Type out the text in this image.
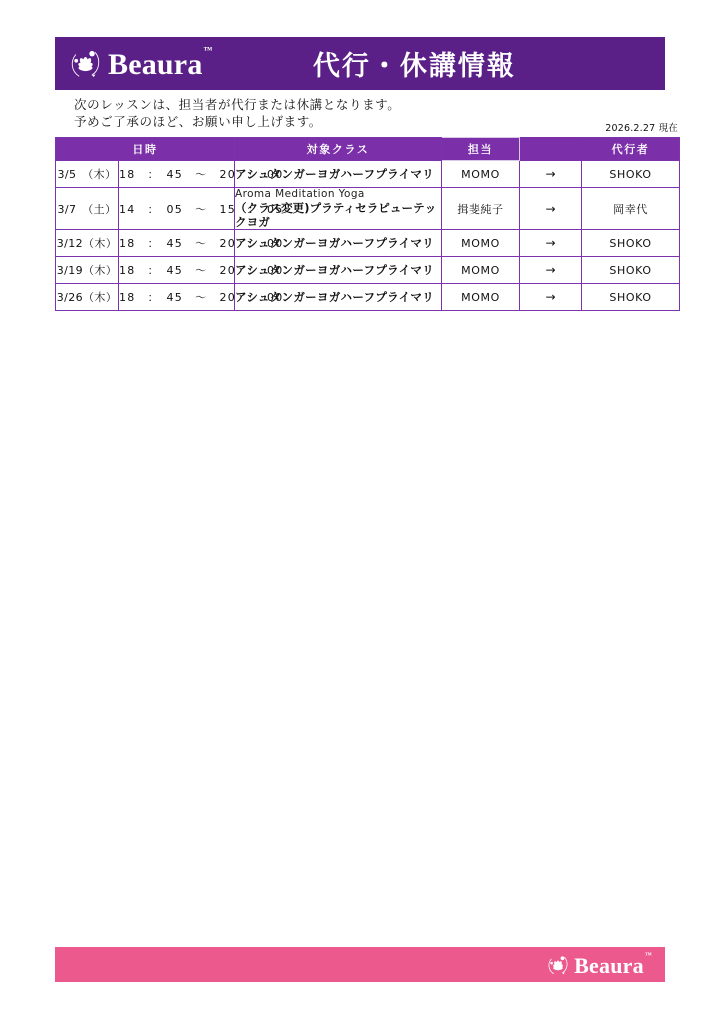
Beaura™
代行・休講情報
次のレッスンは、担当者が代行または休講となります。
予めご了承のほど、お願い申し上げます。	2026.2.27 現在
日時		対象クラス	担当		代行者
3/5　（木）	18　：　45　～　20　：　00	アシュタンガーヨガハーフプライマリ	MOMO	→	SHOKO
3/7　（土）	14　：　05　～　15　：　05	Aroma Meditation Yoga
（クラス変更)プラティセラピューテックヨガ	揖斐純子	→	岡幸代
3/12（木）	18　：　45　～　20　：　00	アシュタンガーヨガハーフプライマリ	MOMO	→	SHOKO
3/19（木）	18　：　45　～　20　：　00	アシュタンガーヨガハーフプライマリ	MOMO	→	SHOKO
3/26（木）	18　：　45　～　20　：　00	アシュタンガーヨガハーフプライマリ	MOMO	→	SHOKO
Beaura™
